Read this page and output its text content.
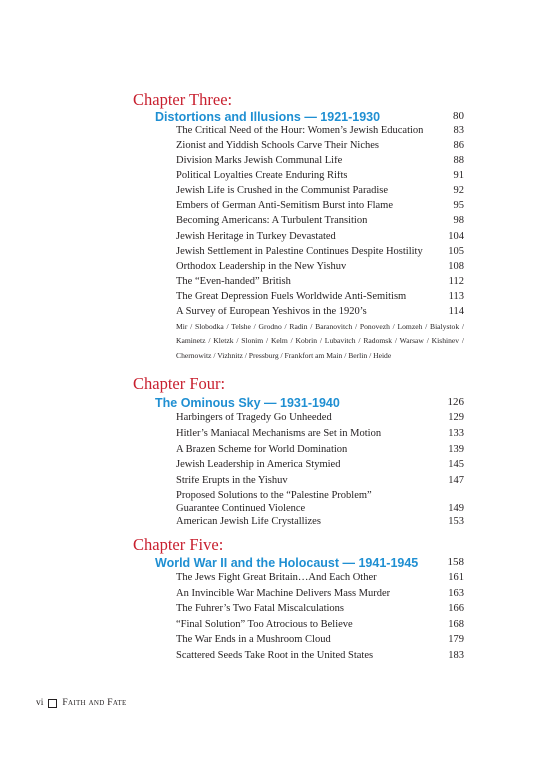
Chapter Three:
Distortions and Illusions — 1921-1930	80
The Critical Need of the Hour: Women’s Jewish Education	83
Zionist and Yiddish Schools Carve Their Niches	86
Division Marks Jewish Communal Life	88
Political Loyalties Create Enduring Rifts	91
Jewish Life is Crushed in the Communist Paradise	92
Embers of German Anti-Semitism Burst into Flame	95
Becoming Americans: A Turbulent Transition	98
Jewish Heritage in Turkey Devastated	104
Jewish Settlement in Palestine Continues Despite Hostility 105
Orthodox Leadership in the New Yishuv	108
The “Even-handed” British	112
The Great Depression Fuels Worldwide Anti-Semitism	113
A Survey of European Yeshivos in the 1920’s	114
Mir / Slobodka / Telshe / Grodno / Radin / Baranovitch / Ponovezh / Lomzeh / Bialystok / Kaminetz / Kletzk / Slonim / Kelm / Kobrin / Lubavitch / Radomsk / Warsaw / Kishinev / Chernowitz / Vizhnitz / Pressburg / Frankfort am Main / Berlin / Heide
Chapter Four:
The Ominous Sky — 1931-1940	126
Harbingers of Tragedy Go Unheeded	129
Hitler’s Maniacal Mechanisms are Set in Motion	133
A Brazen Scheme for World Domination	139
Jewish Leadership in America Stymied	145
Strife Erupts in the Yishuv	147
Proposed Solutions to the “Palestine Problem” Guarantee Continued Violence	149
American Jewish Life Crystallizes	153
Chapter Five:
World War II and the Holocaust — 1941-1945	158
The Jews Fight Great Britain…And Each Other	161
An Invincible War Machine Delivers Mass Murder	163
The Fuhrer’s Two Fatal Miscalculations	166
“Final Solution” Too Atrocious to Believe	168
The War Ends in a Mushroom Cloud	179
Scattered Seeds Take Root in the United States	183
vi Faith and Fate
